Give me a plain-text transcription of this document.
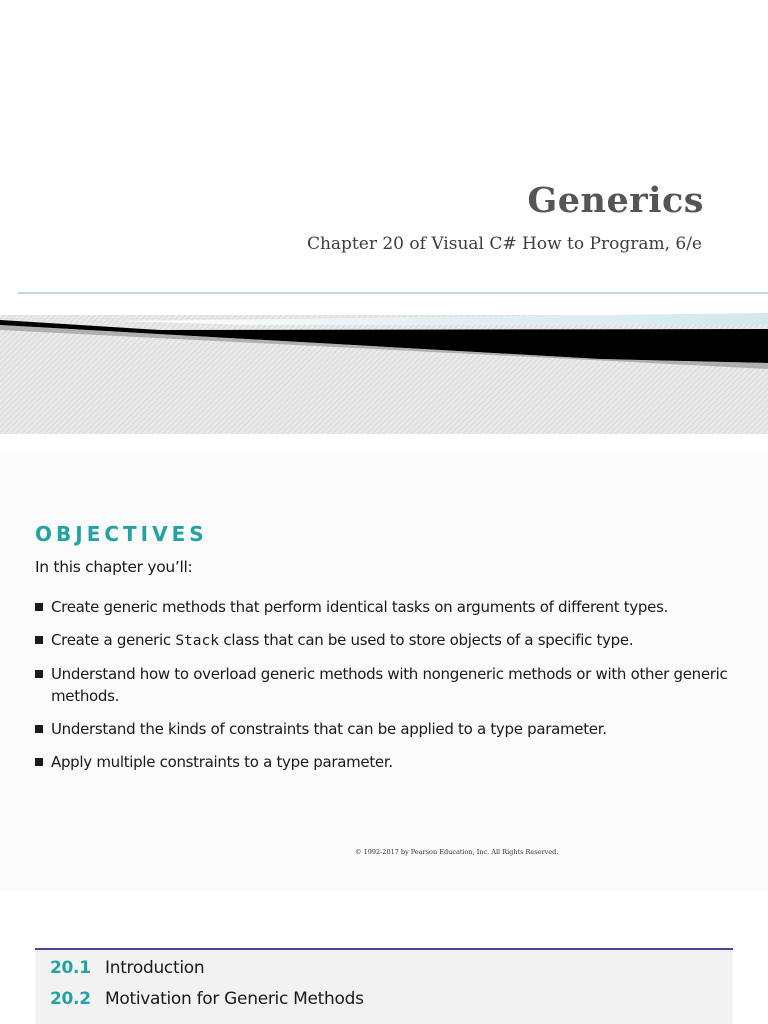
Generics
Chapter 20 of Visual C# How to Program, 6/e
OBJECTIVES
In this chapter you’ll:
Create generic methods that perform identical tasks on arguments of different types.
Create a generic Stack class that can be used to store objects of a specific type.
Understand how to overload generic methods with nongeneric methods or with other generic methods.
Understand the kinds of constraints that can be applied to a type parameter.
Apply multiple constraints to a type parameter.
© 1992-2017 by Pearson Education, Inc. All Rights Reserved.
20.1 Introduction
20.2 Motivation for Generic Methods
